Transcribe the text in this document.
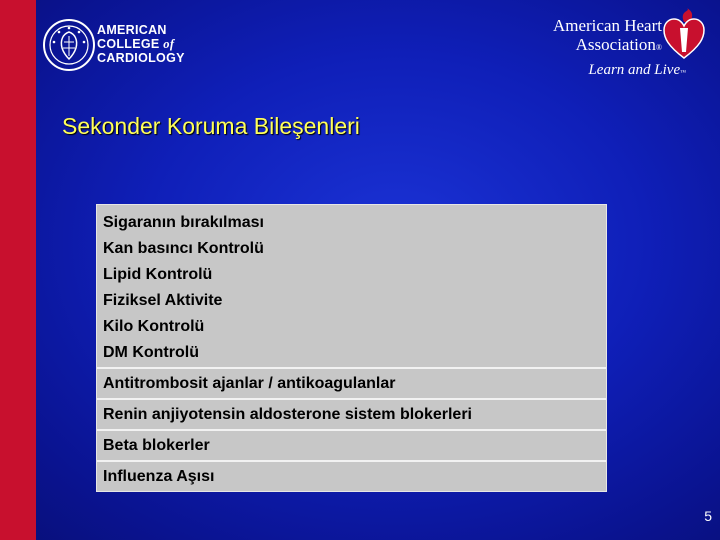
AMERICAN
COLLEGE of
CARDIOLOGY
American Heart
Association®
Learn and Live™
Sekonder Koruma Bileşenleri
Sigaranın bırakılması
Kan basıncı Kontrolü
Lipid Kontrolü
Fiziksel Aktivite
Kilo Kontrolü
DM Kontrolü
Antitrombosit ajanlar / antikoagulanlar
Renin anjiyotensin aldosterone sistem blokerleri
Beta blokerler
Influenza Aşısı
5
